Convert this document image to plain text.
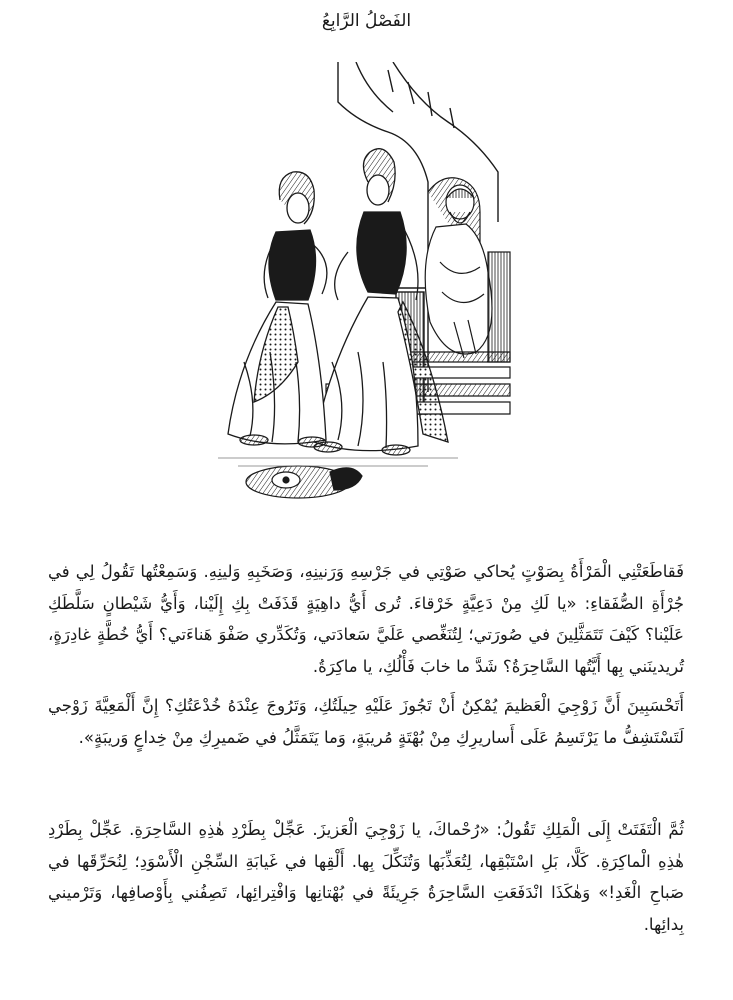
الفَصْلُ الرَّابِعُ

فَقاطَعَتْنِي الْمَرْأَةُ بِصَوْتٍ يُحاكي صَوْتِي في جَرْسِهِ وَرَنينِهِ، وَصَخَبِهِ وَلينِهِ. وَسَمِعْتُها تَقُولُ لِي في جُرْأَةِ الصُّفَقاءِ: «يا لَكِ مِنْ دَعِيَّةٍ خَرْقاءَ. تُرى أَيُّ داهِيَةٍ قَذَفَتْ بِكِ إِلَيْنا، وَأَيُّ شَيْطانٍ سَلَّطَكِ عَلَيْنا؟ كَيْفَ تَتَمَثَّلِينَ في صُورَتي؛ لِتُنَغِّصي عَلَيَّ سَعادَتي، وَتُكَدِّري صَفْوَ هَناءَتي؟ أَيُّ خُطَّةٍ غادِرَةٍ، تُريدينَني بِها أَيَّتُها السَّاحِرَةُ؟ شَدَّ ما خابَ فَأْلُكِ، يا ماكِرَةُ.

أَتَحْسَبِينَ أَنَّ زَوْجِيَ الْعَظيمَ يُمْكِنُ أَنْ تَجُوزَ عَلَيْهِ حِيلَتُكِ، وَتَرُوجَ عِنْدَهُ خُدْعَتُكِ؟ إِنَّ أَلْمَعِيَّةَ زَوْجي لَتَسْتَشِفُّ ما يَرْتَسِمُ عَلَى أَساريرِكِ مِنْ بُهْتَةٍ مُريبَةٍ، وَما يَتَمَثَّلُ في ضَميرِكِ مِنْ خِداعٍ وَريبَةٍ».

ثُمَّ الْتَفَتَتْ إِلَى الْمَلِكِ تَقُولُ: «رُحْماكَ، يا زَوْجِيَ الْعَزيزَ. عَجِّلْ بِطَرْدِ هٰذِهِ السَّاحِرَةِ. عَجِّلْ بِطَرْدِ هٰذِهِ الْماكِرَةِ. كَلَّا، بَلِ اسْتَبْقِها، لِتُعَذِّبَها وَتُنَكِّلَ بِها. أَلْقِها في غَيابَةِ السِّجْنِ الْأَسْوَدِ؛ لِنُحَرِّقَها في صَباحِ الْغَدِ!» وَهٰكَذَا انْدَفَعَتِ السَّاحِرَةُ جَرِيئَةً في بُهْتانِها وَافْتِرائِها، تَصِفُني بِأَوْصافِها، وَتَرْميني بِدائِها.
